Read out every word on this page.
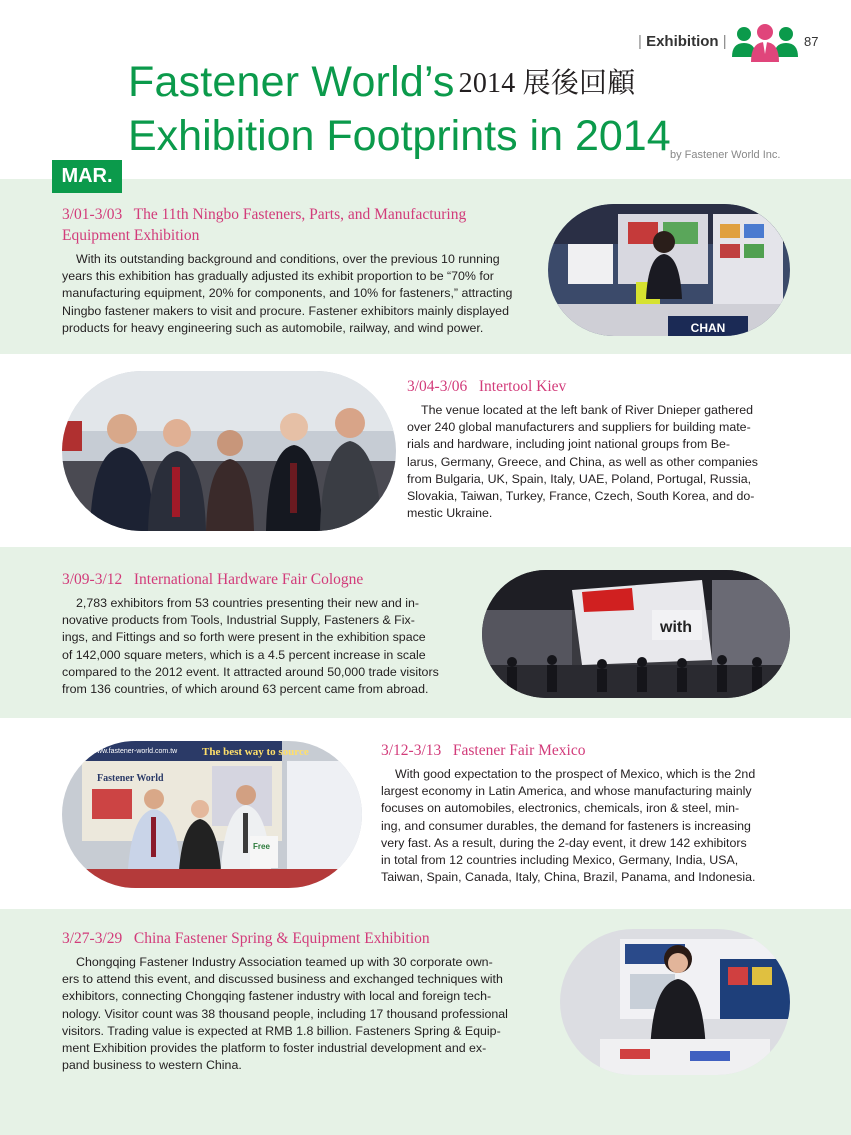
| Exhibition |	87
Fastener World’s 2014 展後回顧
Exhibition Footprints in 2014 by Fastener World Inc.
MAR.
3/01-3/03   The 11th Ningbo Fasteners, Parts, and Manufacturing
Equipment Exhibition
With its outstanding background and conditions, over the previous 10 running
years this exhibition has gradually adjusted its exhibit proportion to be “70% for
manufacturing equipment, 20% for components, and 10% for fasteners,” attracting
Ningbo fastener makers to visit and procure. Fastener exhibitors mainly displayed
products for heavy engineering such as automobile, railway, and wind power.	CHAN
3/04-3/06   Intertool Kiev
The venue located at the left bank of River Dnieper gathered
over 240 global manufacturers and suppliers for building mate-
rials and hardware, including joint national groups from Be-
larus, Germany, Greece, and China, as well as other companies
from Bulgaria, UK, Spain, Italy, UAE, Poland, Portugal, Russia,
Slovakia, Taiwan, Turkey, France, Czech, South Korea, and do-
mestic Ukraine.
3/09-3/12   International Hardware Fair Cologne
2,783 exhibitors from 53 countries presenting their new and in-
novative products from Tools, Industrial Supply, Fasteners & Fix-
ings, and Fittings and so forth were present in the exhibition space
of 142,000 square meters, which is a 4.5 percent increase in scale
compared to the 2012 event. It attracted around 50,000 trade visitors
from 136 countries, of which around 63 percent came from abroad.
with
www.fastener-world.com.tw The best way to source
Fastener World
Free
3/12-3/13   Fastener Fair Mexico
With good expectation to the prospect of Mexico, which is the 2nd
largest economy in Latin America, and whose manufacturing mainly
focuses on automobiles, electronics, chemicals, iron & steel, min-
ing, and consumer durables, the demand for fasteners is increasing
very fast. As a result, during the 2-day event, it drew 142 exhibitors
in total from 12 countries including Mexico, Germany, India, USA,
Taiwan, Spain, Canada, Italy, China, Brazil, Panama, and Indonesia.
3/27-3/29   China Fastener Spring & Equipment Exhibition
Chongqing Fastener Industry Association teamed up with 30 corporate own-
ers to attend this event, and discussed business and exchanged techniques with
exhibitors, connecting Chongqing fastener industry with local and foreign tech-
nology. Visitor count was 38 thousand people, including 17 thousand professional
visitors. Trading value is expected at RMB 1.8 billion. Fasteners Spring & Equip-
ment Exhibition provides the platform to foster industrial development and ex-
pand business to western China.
